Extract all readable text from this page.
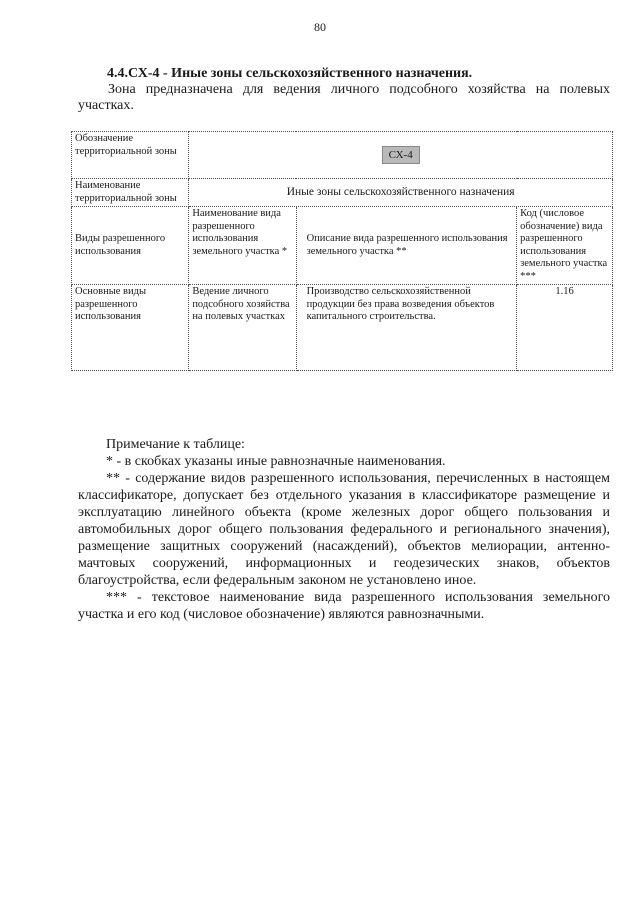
80
4.4.СХ-4 - Иные зоны сельскохозяйственного назначения.
Зона предназначена для ведения личного подсобного хозяйства на полевых участках.
Обозначение территориальной зоны	СХ-4		
Наименование территориальной зоны	Иные зоны сельскохозяйственного назначения		
Виды разрешенного использования	Наименование вида разрешенного использования земельного участка *	Описание вида разрешенного использования земельного участка **	Код (числовое обозначение) вида разрешенного использования земельного участка ***
Основные виды разрешенного использования	Ведение личного подсобного хозяйства на полевых участках	Производство сельскохозяйственной продукции без права возведения объектов капитального строительства.	1.16

Примечание к таблице:

* - в скобках указаны иные равнозначные наименования.

** - содержание видов разрешенного использования, перечисленных в настоящем классификаторе, допускает без отдельного указания в классификаторе размещение и эксплуатацию линейного объекта (кроме железных дорог общего пользования и автомобильных дорог общего пользования федерального и регионального значения), размещение защитных сооружений (насаждений), объектов мелиорации, антенно-мачтовых сооружений, информационных и геодезических знаков, объектов благоустройства, если федеральным законом не установлено иное.

*** - текстовое наименование вида разрешенного использования земельного участка и его код (числовое обозначение) являются равнозначными.
